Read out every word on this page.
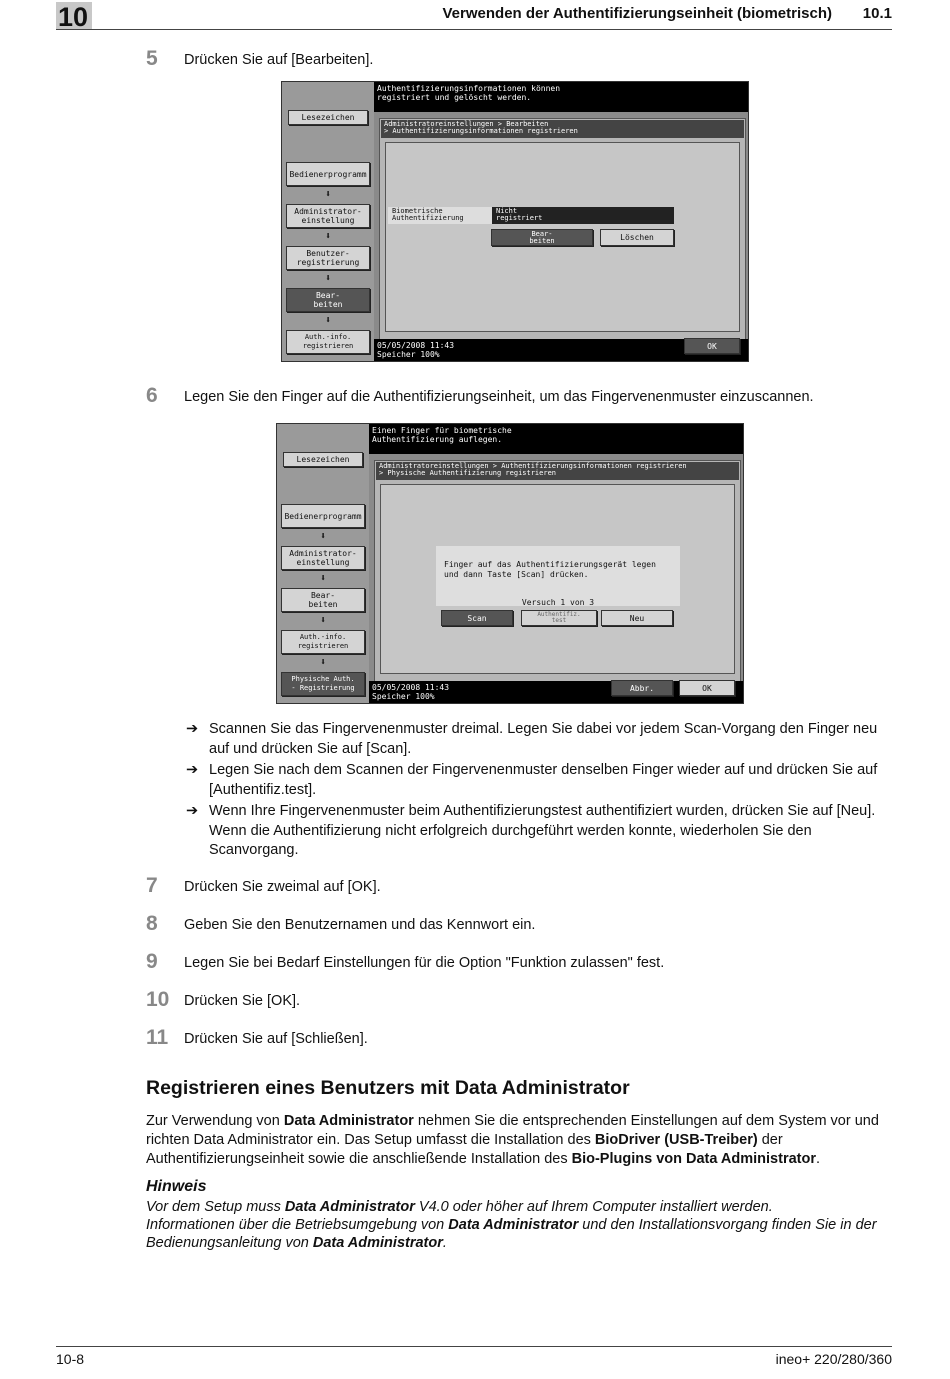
10	Verwenden der Authentifizierungseinheit (biometrisch) 10.1
5 Drücken Sie auf [Bearbeiten].
Authentifizierungsinformationen können
registriert und gelöscht werden.
Lesezeichen
Administratoreinstellungen > Bearbeiten
> Authentifizierungsinformationen registrieren
Bedienerprogramm
⬇
Administrator-
einstellung
⬇
Benutzer-
registrierung
⬇
Bear-
beiten
⬇
Auth.-info.
registrieren
Biometrische
Authentifizierung
Nicht
registriert
Bear-
beiten	Löschen
05/05/2008 11:43
Speicher 100%
OK
6 Legen Sie den Finger auf die Authentifizierungseinheit, um das Fingervenenmuster einzuscannen.
Einen Finger für biometrische
Authentifizierung auflegen.
Lesezeichen
Administratoreinstellungen > Authentifizierungsinformationen registrieren
> Physische Authentifizierung registrieren
Bedienerprogramm
⬇
Administrator-
einstellung
⬇
Bear-
beiten
⬇
Auth.-info.
registrieren
⬇
Physische Auth.
- Registrierung

Finger auf das Authentifizierungsgerät legen
und dann Taste [Scan] drücken.

Versuch 1 von 3

Scan	Authentifiz.
test	Neu
05/05/2008 11:43
Speicher 100%
Abbr.	OK
➔ Scannen Sie das Fingervenenmuster dreimal. Legen Sie dabei vor jedem Scan-Vorgang den Finger neu auf und drücken Sie auf [Scan].
➔ Legen Sie nach dem Scannen der Fingervenenmuster denselben Finger wieder auf und drücken Sie auf [Authentifiz.test].
➔ Wenn Ihre Fingervenenmuster beim Authentifizierungstest authentifiziert wurden, drücken Sie auf [Neu]. Wenn die Authentifizierung nicht erfolgreich durchgeführt werden konnte, wiederholen Sie den Scanvorgang.
7 Drücken Sie zweimal auf [OK].
8 Geben Sie den Benutzernamen und das Kennwort ein.
9 Legen Sie bei Bedarf Einstellungen für die Option "Funktion zulassen" fest.
10 Drücken Sie [OK].
11 Drücken Sie auf [Schließen].
Registrieren eines Benutzers mit Data Administrator
Zur Verwendung von Data Administrator nehmen Sie die entsprechenden Einstellungen auf dem System vor und richten Data Administrator ein. Das Setup umfasst die Installation des BioDriver (USB-Treiber) der Authentifizierungseinheit sowie die anschließende Installation des Bio-Plugins von Data Administrator.
Hinweis
Vor dem Setup muss Data Administrator V4.0 oder höher auf Ihrem Computer installiert werden.
Informationen über die Betriebsumgebung von Data Administrator und den Installationsvorgang finden Sie in der Bedienungsanleitung von Data Administrator.
10-8	ineo+ 220/280/360
